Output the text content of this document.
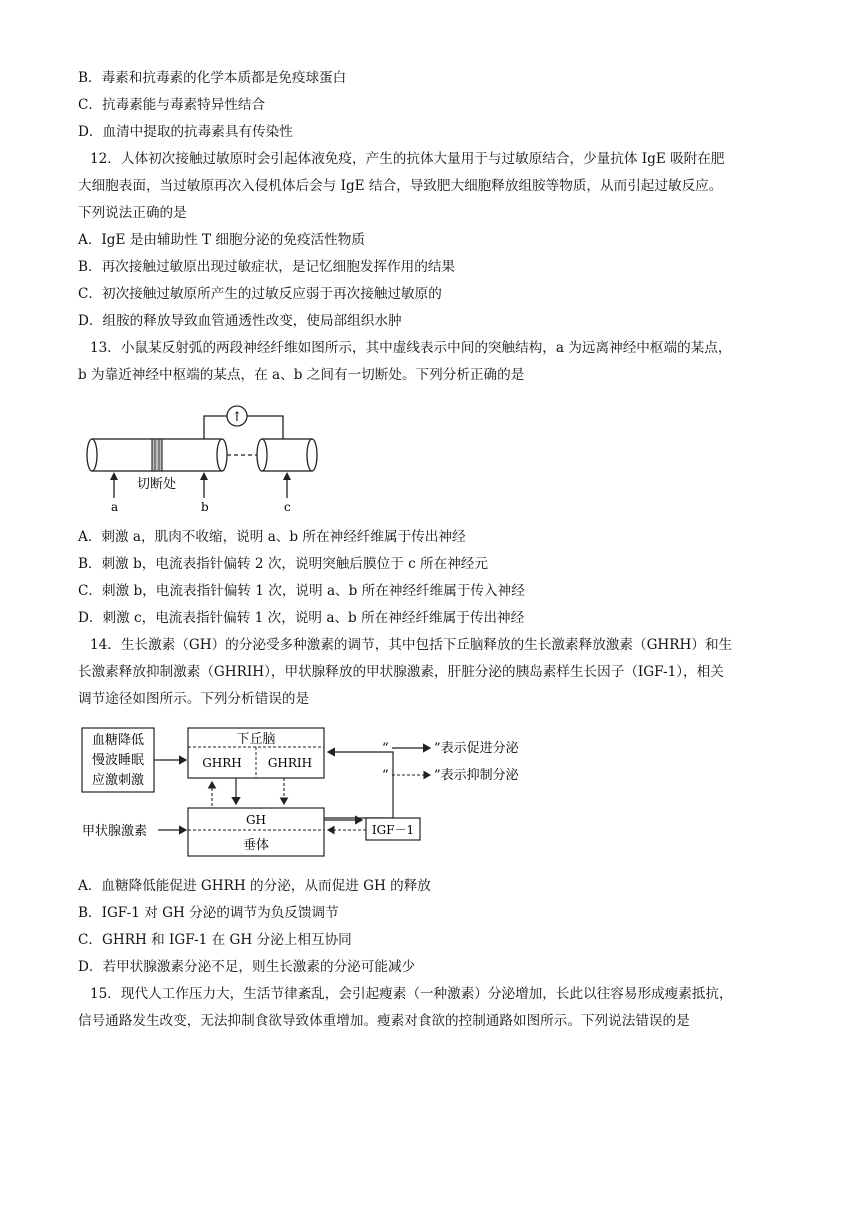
B．毒素和抗毒素的化学本质都是免疫球蛋白
C．抗毒素能与毒素特异性结合
D．血清中提取的抗毒素具有传染性
12．人体初次接触过敏原时会引起体液免疫，产生的抗体大量用于与过敏原结合，少量抗体 IgE 吸附在肥
大细胞表面，当过敏原再次入侵机体后会与 IgE 结合，导致肥大细胞释放组胺等物质，从而引起过敏反应。
下列说法正确的是
A．IgE 是由辅助性 T 细胞分泌的免疫活性物质
B．再次接触过敏原出现过敏症状，是记忆细胞发挥作用的结果
C．初次接触过敏原所产生的过敏反应弱于再次接触过敏原的
D．组胺的释放导致血管通透性改变，使局部组织水肿
13．小鼠某反射弧的两段神经纤维如图所示，其中虚线表示中间的突触结构，a 为远离神经中枢端的某点，
b 为靠近神经中枢端的某点，在 a、b 之间有一切断处。下列分析正确的是
↑
切断处
a	b	c
A．刺激 a，肌肉不收缩，说明 a、b 所在神经纤维属于传出神经
B．刺激 b，电流表指针偏转 2 次，说明突触后膜位于 c 所在神经元
C．刺激 b，电流表指针偏转 1 次，说明 a、b 所在神经纤维属于传入神经
D．刺激 c，电流表指针偏转 1 次，说明 a、b 所在神经纤维属于传出神经
14．生长激素（GH）的分泌受多种激素的调节，其中包括下丘脑释放的生长激素释放激素（GHRH）和生
长激素释放抑制激素（GHRIH），甲状腺释放的甲状腺激素，肝脏分泌的胰岛素样生长因子（IGF-1），相关
调节途径如图所示。下列分析错误的是
血糖降低
慢波睡眠
应激刺激
下丘脑
GHRH GHRIH
GH
垂体
甲状腺激素	IGF－1
“	”表示促进分泌
“	”表示抑制分泌
A．血糖降低能促进 GHRH 的分泌，从而促进 GH 的释放
B．IGF-1 对 GH 分泌的调节为负反馈调节
C．GHRH 和 IGF-1 在 GH 分泌上相互协同
D．若甲状腺激素分泌不足，则生长激素的分泌可能减少
15．现代人工作压力大，生活节律紊乱，会引起瘦素（一种激素）分泌增加，长此以往容易形成瘦素抵抗，
信号通路发生改变，无法抑制食欲导致体重增加。瘦素对食欲的控制通路如图所示。下列说法错误的是
